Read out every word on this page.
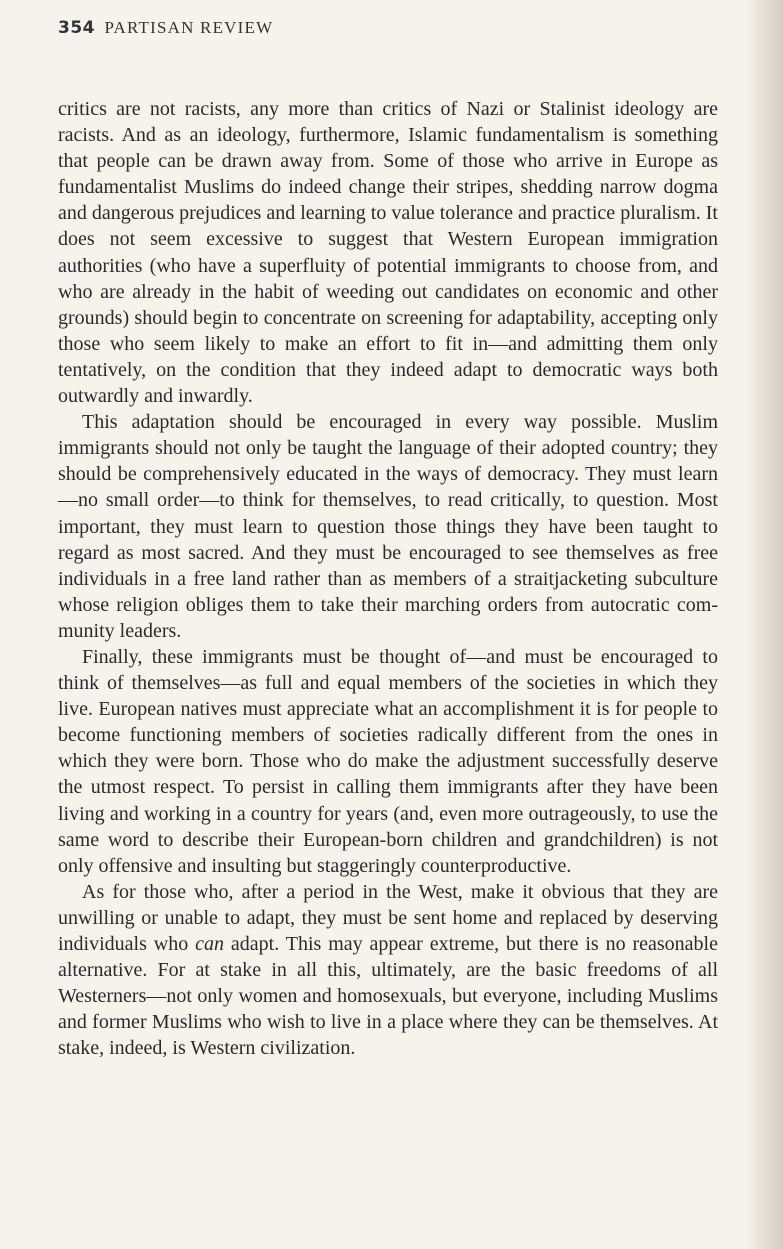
354 PARTISAN REVIEW

critics are not racists, any more than critics of Nazi or Stalinist ideology are racists. And as an ideology, furthermore, Islamic fundamentalism is something that people can be drawn away from. Some of those who arrive in Europe as fundamentalist Muslims do indeed change their stripes, shedding narrow dogma and dangerous prejudices and learning to value tolerance and practice pluralism. It does not seem excessive to suggest that Western European immigration authorities (who have a superfluity of potential immigrants to choose from, and who are already in the habit of weeding out candidates on economic and other grounds) should begin to concentrate on screening for adaptability, accepting only those who seem likely to make an effort to fit in—and admitting them only tentatively, on the condition that they indeed adapt to democratic ways both outwardly and inwardly.

This adaptation should be encouraged in every way possible. Muslim immigrants should not only be taught the language of their adopted country; they should be comprehensively educated in the ways of democracy. They must learn—no small order—to think for themselves, to read critically, to question. Most important, they must learn to question those things they have been taught to regard as most sacred. And they must be encouraged to see themselves as free individuals in a free land rather than as members of a straitjacketing subculture whose religion obliges them to take their marching orders from autocratic community leaders.

Finally, these immigrants must be thought of—and must be encouraged to think of themselves—as full and equal members of the societies in which they live. European natives must appreciate what an accomplishment it is for people to become functioning members of societies radically different from the ones in which they were born. Those who do make the adjustment successfully deserve the utmost respect. To persist in calling them immigrants after they have been living and working in a country for years (and, even more outrageously, to use the same word to describe their European-born children and grandchildren) is not only offensive and insulting but staggeringly counterproductive.

As for those who, after a period in the West, make it obvious that they are unwilling or unable to adapt, they must be sent home and replaced by deserving individuals who can adapt. This may appear extreme, but there is no reasonable alternative. For at stake in all this, ultimately, are the basic freedoms of all Westerners—not only women and homosexuals, but everyone, including Muslims and former Muslims who wish to live in a place where they can be themselves. At stake, indeed, is Western civilization.
